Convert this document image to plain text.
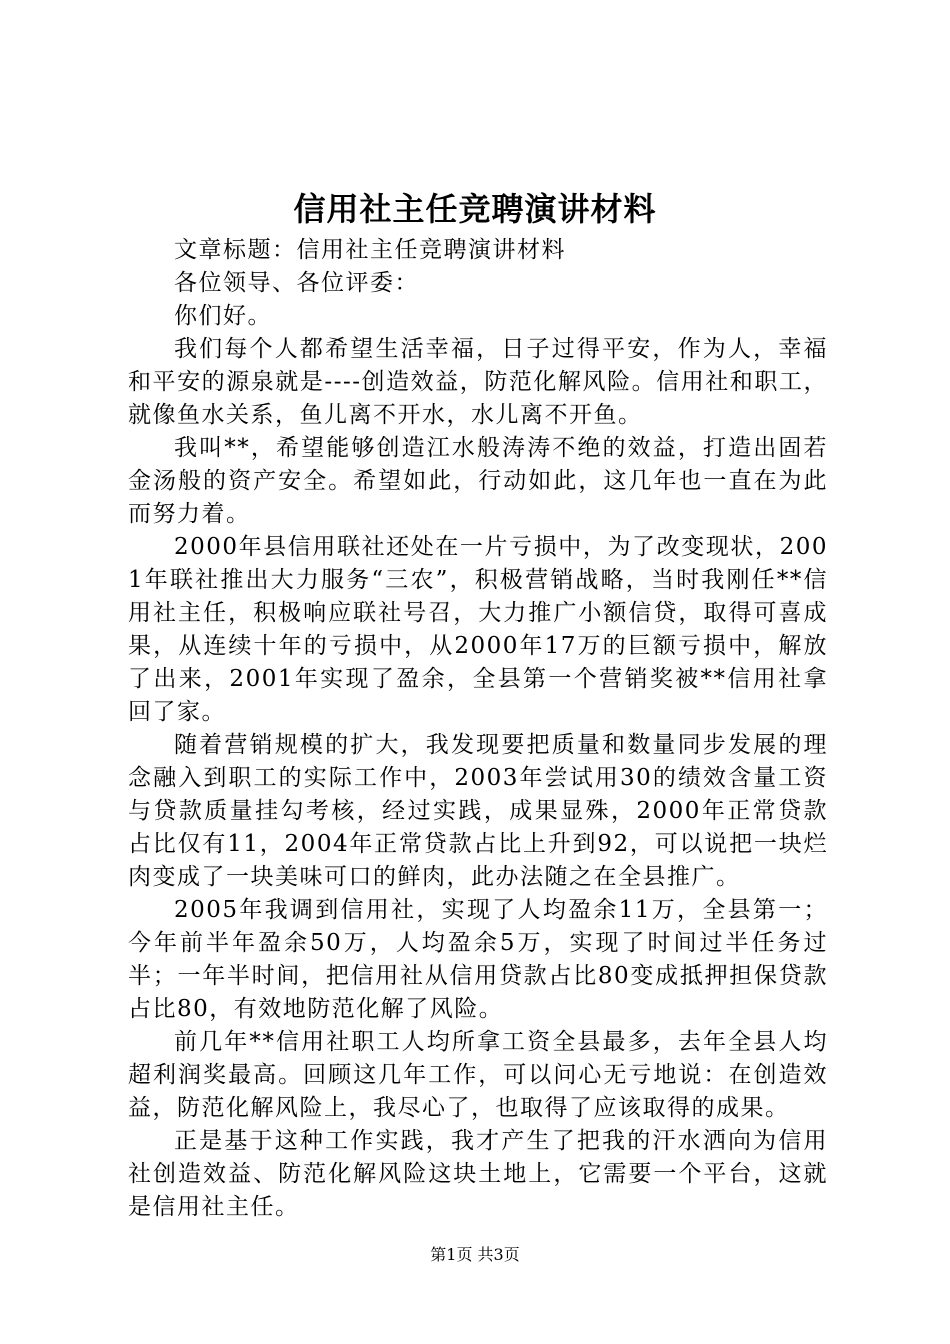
信用社主任竞聘演讲材料

文章标题：信用社主任竞聘演讲材料

各位领导、各位评委：

你们好。

我们每个人都希望生活幸福，日子过得平安，作为人，幸福和平安的源泉就是----创造效益，防范化解风险。信用社和职工，就像鱼水关系，鱼儿离不开水，水儿离不开鱼。

我叫**，希望能够创造江水般涛涛不绝的效益，打造出固若金汤般的资产安全。希望如此，行动如此，这几年也一直在为此而努力着。

2000年县信用联社还处在一片亏损中，为了改变现状，2001年联社推出大力服务“三农”，积极营销战略，当时我刚任**信用社主任，积极响应联社号召，大力推广小额信贷，取得可喜成果，从连续十年的亏损中，从2000年17万的巨额亏损中，解放了出来，2001年实现了盈余，全县第一个营销奖被**信用社拿回了家。

随着营销规模的扩大，我发现要把质量和数量同步发展的理念融入到职工的实际工作中，2003年尝试用30的绩效含量工资与贷款质量挂勾考核，经过实践，成果显殊，2000年正常贷款占比仅有11，2004年正常贷款占比上升到92，可以说把一块烂肉变成了一块美味可口的鲜肉，此办法随之在全县推广。

2005年我调到信用社，实现了人均盈余11万，全县第一；今年前半年盈余50万，人均盈余5万，实现了时间过半任务过半；一年半时间，把信用社从信用贷款占比80变成抵押担保贷款占比80，有效地防范化解了风险。

前几年**信用社职工人均所拿工资全县最多，去年全县人均超利润奖最高。回顾这几年工作，可以问心无亏地说：在创造效益，防范化解风险上，我尽心了，也取得了应该取得的成果。

正是基于这种工作实践，我才产生了把我的汗水洒向为信用社创造效益、防范化解风险这块土地上，它需要一个平台，这就是信用社主任。

第1页 共3页
